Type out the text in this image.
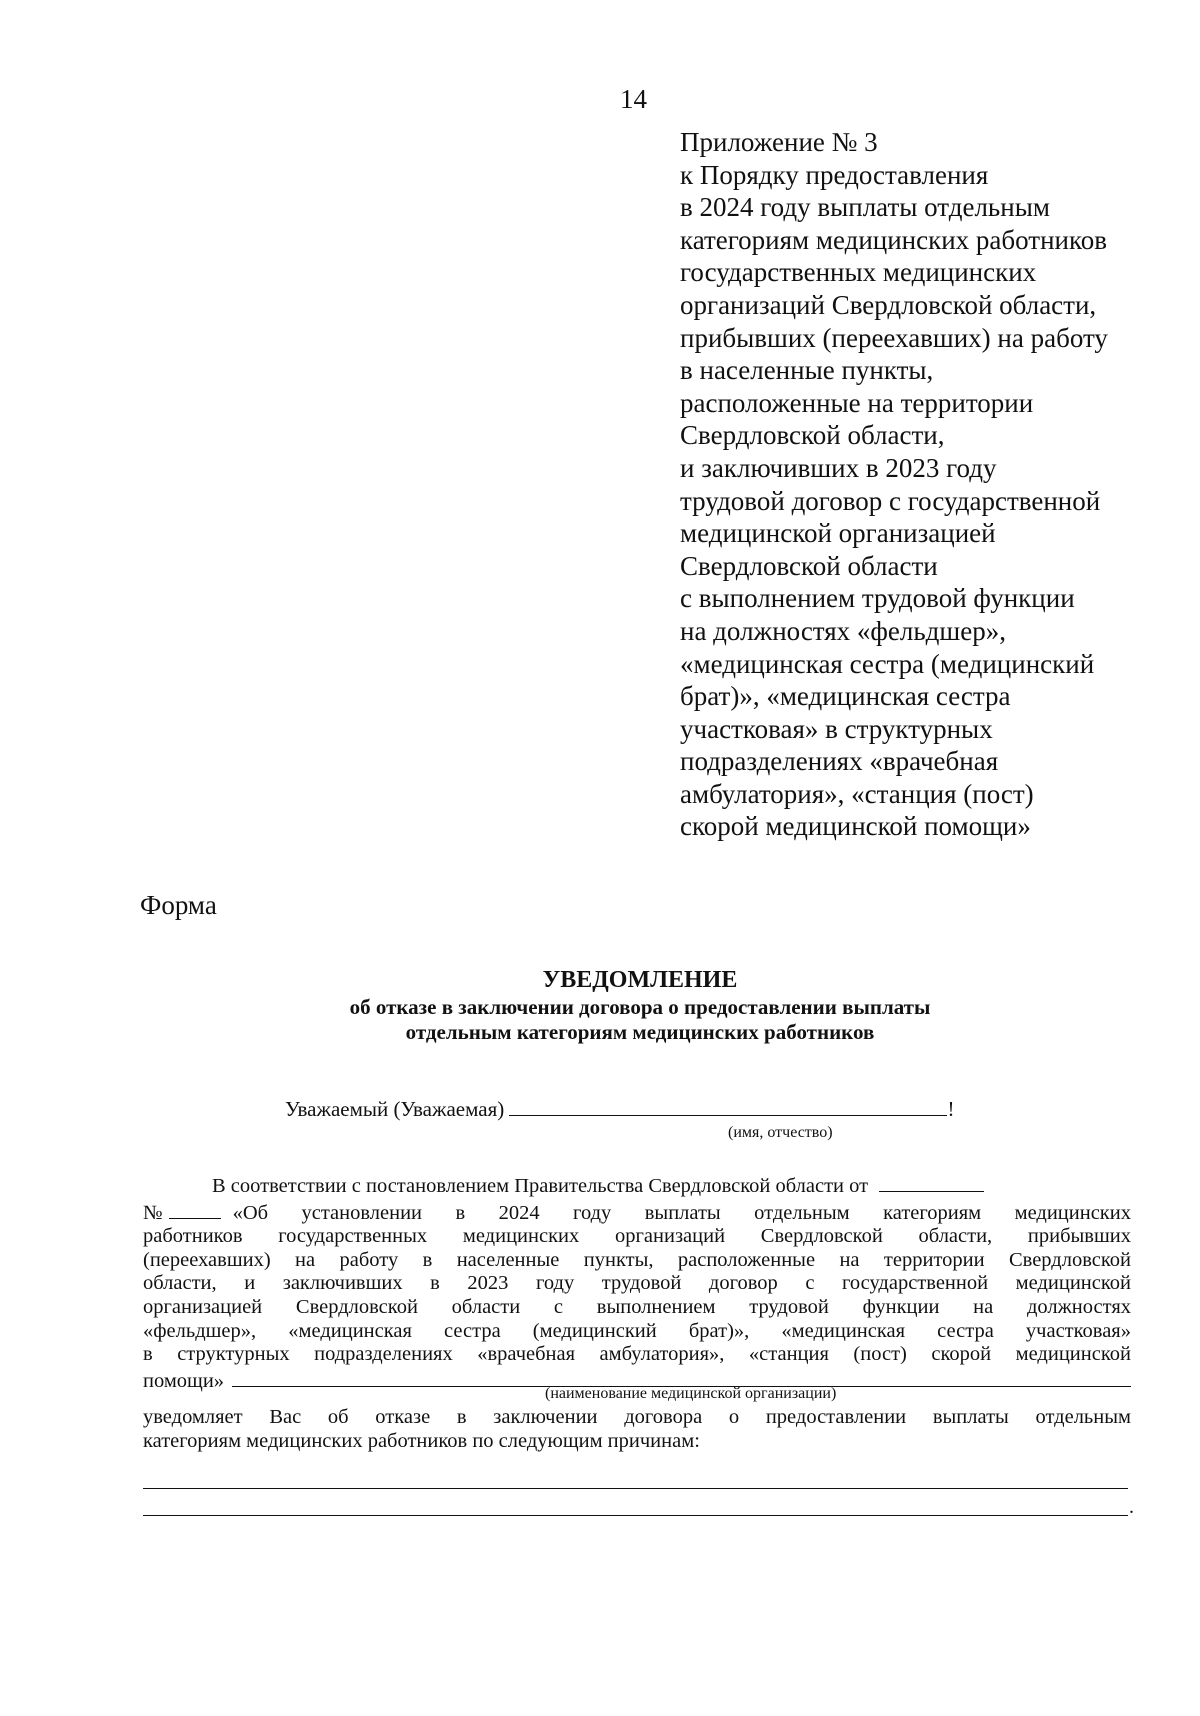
14
Приложение № 3
к Порядку предоставления
в 2024 году выплаты отдельным
категориям медицинских работников
государственных медицинских
организаций Свердловской области,
прибывших (переехавших) на работу
в населенные пункты,
расположенные на территории
Свердловской области,
и заключивших в 2023 году
трудовой договор с государственной
медицинской организацией
Свердловской области
с выполнением трудовой функции
на должностях «фельдшер»,
«медицинская сестра (медицинский
брат)», «медицинская сестра
участковая» в структурных
подразделениях «врачебная
амбулатория», «станция (пост)
скорой медицинской помощи»
Форма
УВЕДОМЛЕНИЕ
об отказе в заключении договора о предоставлении выплаты
отдельным категориям медицинских работников
Уважаемый (Уважаемая)	!
(имя, отчество)
В соответствии с постановлением Правительства Свердловской области от
№	«Об установлении в 2024 году выплаты отдельным категориям медицинских
работников государственных медицинских организаций Свердловской области, прибывших
(переехавших) на работу в населенные пункты, расположенные на территории Свердловской
области, и заключивших в 2023 году трудовой договор с государственной медицинской
организацией Свердловской области с выполнением трудовой функции на должностях
«фельдшер», «медицинская сестра (медицинский брат)», «медицинская сестра участковая»
в структурных подразделениях «врачебная амбулатория», «станция (пост) скорой медицинской
помощи»
(наименование медицинской организации)
уведомляет Вас об отказе в заключении договора о предоставлении выплаты отдельным
категориям медицинских работников по следующим причинам:
.
